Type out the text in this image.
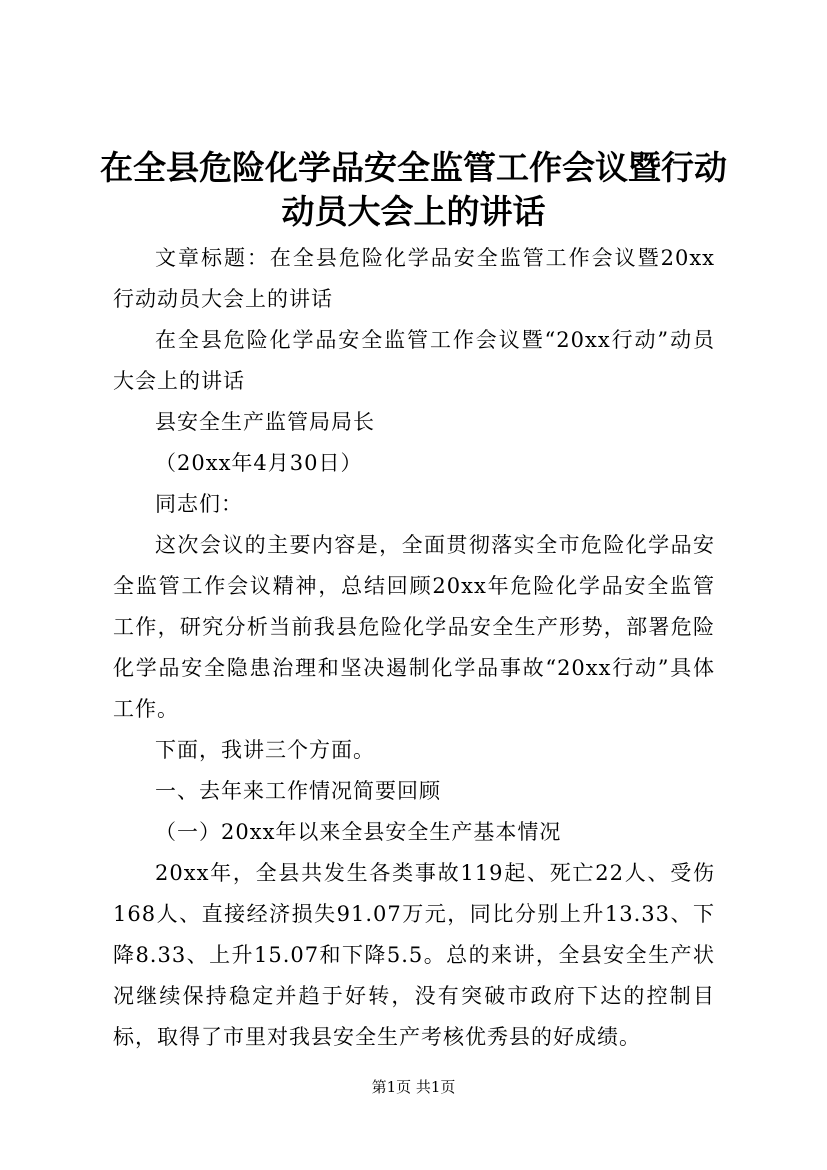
在全县危险化学品安全监管工作会议暨行动动员大会上的讲话

文章标题：在全县危险化学品安全监管工作会议暨20xx行动动员大会上的讲话

在全县危险化学品安全监管工作会议暨“20xx行动”动员大会上的讲话

县安全生产监管局局长

（20xx年4月30日）

同志们：

这次会议的主要内容是，全面贯彻落实全市危险化学品安全监管工作会议精神，总结回顾20xx年危险化学品安全监管工作，研究分析当前我县危险化学品安全生产形势，部署危险化学品安全隐患治理和坚决遏制化学品事故“20xx行动”具体工作。

下面，我讲三个方面。

一、去年来工作情况简要回顾

（一）20xx年以来全县安全生产基本情况

20xx年，全县共发生各类事故119起、死亡22人、受伤168人、直接经济损失91.07万元，同比分别上升13.33、下降8.33、上升15.07和下降5.5。总的来讲，全县安全生产状况继续保持稳定并趋于好转，没有突破市政府下达的控制目标，取得了市里对我县安全生产考核优秀县的好成绩。

第1页 共1页
